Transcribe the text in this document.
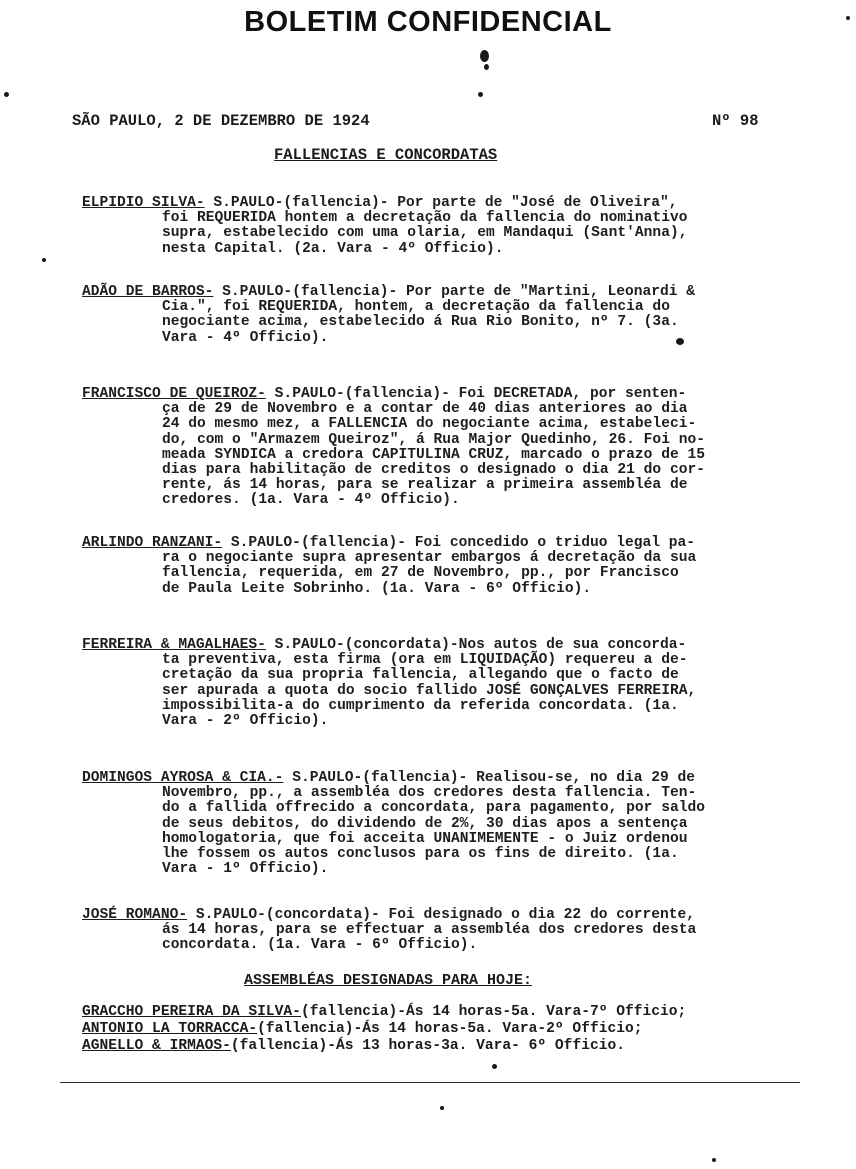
BOLETIM CONFIDENCIAL
SÃO PAULO, 2 DE DEZEMBRO DE 1924	Nº 98
FALLENCIAS E CONCORDATAS
ELPIDIO SILVA- S.PAULO-(fallencia)- Por parte de "José de Oliveira",
foi REQUERIDA hontem a decretação da fallencia do nominativo
supra, estabelecido com uma olaria, em Mandaqui (Sant'Anna),
nesta Capital. (2a. Vara - 4º Officio).
ADÃO DE BARROS- S.PAULO-(fallencia)- Por parte de "Martini, Leonardi &
Cia.", foi REQUERIDA, hontem, a decretação da fallencia do
negociante acima, estabelecido á Rua Rio Bonito, nº 7. (3a.
Vara - 4º Officio).
FRANCISCO DE QUEIROZ- S.PAULO-(fallencia)- Foi DECRETADA, por senten-
ça de 29 de Novembro e a contar de 40 dias anteriores ao dia
24 do mesmo mez, a FALLENCIA do negociante acima, estabeleci-
do, com o "Armazem Queiroz", á Rua Major Quedinho, 26. Foi no-
meada SYNDICA a credora CAPITULINA CRUZ, marcado o prazo de 15
dias para habilitação de creditos o designado o dia 21 do cor-
rente, ás 14 horas, para se realizar a primeira assembléa de
credores. (1a. Vara - 4º Officio).
ARLINDO RANZANI- S.PAULO-(fallencia)- Foi concedido o triduo legal pa-
ra o negociante supra apresentar embargos á decretação da sua
fallencia, requerida, em 27 de Novembro, pp., por Francisco
de Paula Leite Sobrinho. (1a. Vara - 6º Officio).
FERREIRA & MAGALHAES- S.PAULO-(concordata)-Nos autos de sua concorda-
ta preventiva, esta firma (ora em LIQUIDAÇÃO) requereu a de-
cretação da sua propria fallencia, allegando que o facto de
ser apurada a quota do socio fallido JOSÉ GONÇALVES FERREIRA,
impossibilita-a do cumprimento da referida concordata. (1a.
Vara - 2º Officio).
DOMINGOS AYROSA & CIA.- S.PAULO-(fallencia)- Realisou-se, no dia 29 de
Novembro, pp., a assembléa dos credores desta fallencia. Ten-
do a fallida offrecido a concordata, para pagamento, por saldo
de seus debitos, do dividendo de 2%, 30 dias apos a sentença
homologatoria, que foi acceita UNANIMEMENTE - o Juiz ordenou
lhe fossem os autos conclusos para os fins de direito. (1a.
Vara - 1º Officio).
JOSÉ ROMANO- S.PAULO-(concordata)- Foi designado o dia 22 do corrente,
ás 14 horas, para se effectuar a assembléa dos credores desta
concordata. (1a. Vara - 6º Officio).
ASSEMBLÉAS DESIGNADAS PARA HOJE:
GRACCHO PEREIRA DA SILVA-(fallencia)-Ás 14 horas-5a. Vara-7º Officio;
ANTONIO LA TORRACCA-(fallencia)-Ás 14 horas-5a. Vara-2º Officio;
AGNELLO & IRMAOS-(fallencia)-Ás 13 horas-3a. Vara- 6º Officio.
